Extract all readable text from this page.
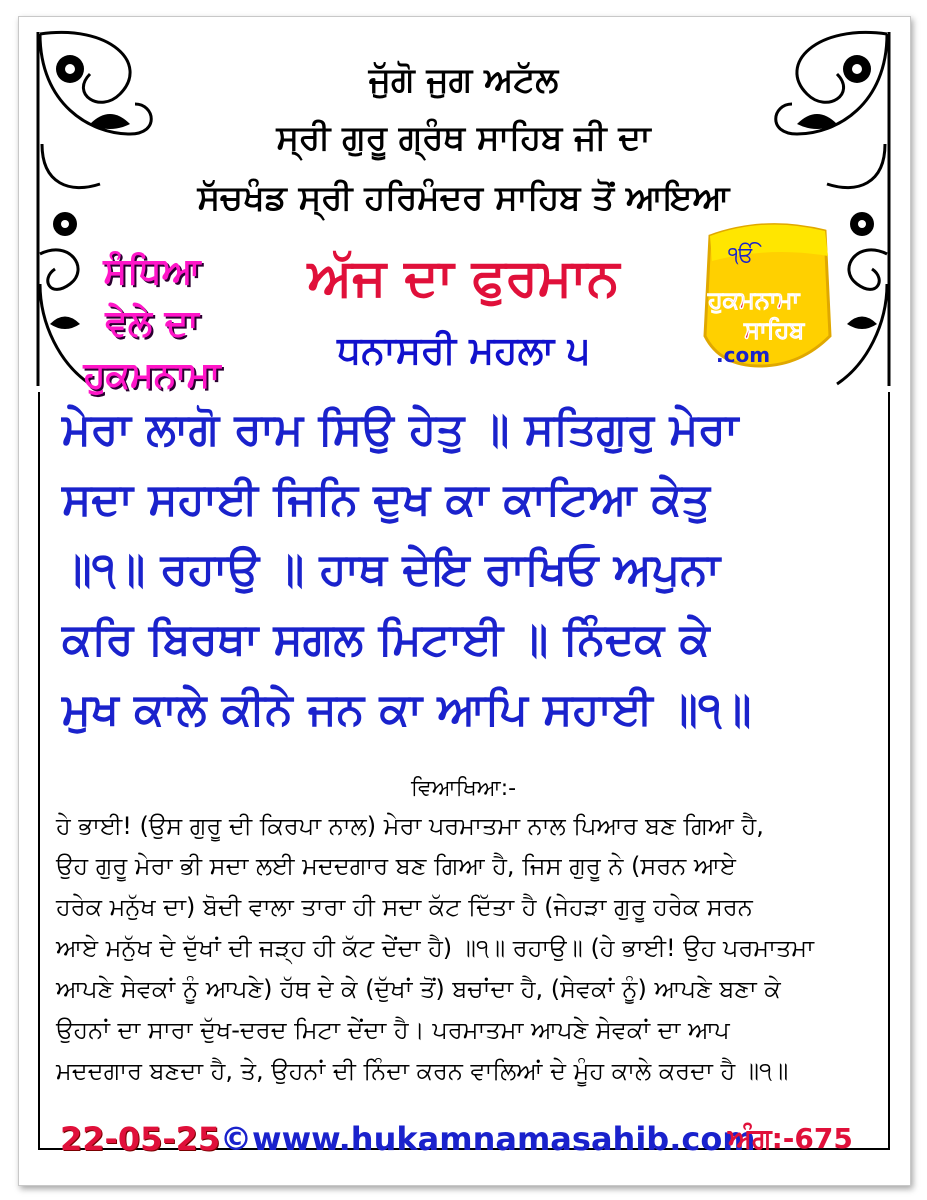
ਜੁੱਗੋ ਜੁਗ ਅਟੱਲ
ਸ੍ਰੀ ਗੁਰੂ ਗ੍ਰੰਥ ਸਾਹਿਬ ਜੀ ਦਾ
ਸੱਚਖੰਡ ਸ੍ਰੀ ਹਰਿਮੰਦਰ ਸਾਹਿਬ ਤੋਂ ਆਇਆ
ਸੰਧਿਆ
ਵੇਲੇ ਦਾ
ਹੁਕਮਨਾਮਾ
ਅੱਜ ਦਾ ਫੁਰਮਾਨ
ਧਨਾਸਰੀ ਮਹਲਾ ੫
ੴ
ਹੁਕਮਨਾਮਾ
ਸਾਹਿਬ
.com
ਮੇਰਾ ਲਾਗੋ ਰਾਮ ਸਿਉ ਹੇਤੁ ॥ ਸਤਿਗੁਰੁ ਮੇਰਾ
ਸਦਾ ਸਹਾਈ ਜਿਨਿ ਦੁਖ ਕਾ ਕਾਟਿਆ ਕੇਤੁ
॥੧॥ ਰਹਾਉ ॥ ਹਾਥ ਦੇਇ ਰਾਖਿਓ ਅਪੁਨਾ
ਕਰਿ ਬਿਰਥਾ ਸਗਲ ਮਿਟਾਈ ॥ ਨਿੰਦਕ ਕੇ
ਮੁਖ ਕਾਲੇ ਕੀਨੇ ਜਨ ਕਾ ਆਪਿ ਸਹਾਈ ॥੧॥
ਵਿਆਖਿਆ:-
ਹੇ ਭਾਈ! (ਉਸ ਗੁਰੂ ਦੀ ਕਿਰਪਾ ਨਾਲ) ਮੇਰਾ ਪਰਮਾਤਮਾ ਨਾਲ ਪਿਆਰ ਬਣ ਗਿਆ ਹੈ,
ਉਹ ਗੁਰੂ ਮੇਰਾ ਭੀ ਸਦਾ ਲਈ ਮਦਦਗਾਰ ਬਣ ਗਿਆ ਹੈ, ਜਿਸ ਗੁਰੂ ਨੇ (ਸਰਨ ਆਏ
ਹਰੇਕ ਮਨੁੱਖ ਦਾ) ਬੋਦੀ ਵਾਲਾ ਤਾਰਾ ਹੀ ਸਦਾ ਕੱਟ ਦਿੱਤਾ ਹੈ (ਜੇਹੜਾ ਗੁਰੂ ਹਰੇਕ ਸਰਨ
ਆਏ ਮਨੁੱਖ ਦੇ ਦੁੱਖਾਂ ਦੀ ਜੜ੍ਹ ਹੀ ਕੱਟ ਦੇਂਦਾ ਹੈ) ॥੧॥ ਰਹਾਉ॥ (ਹੇ ਭਾਈ! ਉਹ ਪਰਮਾਤਮਾ
ਆਪਣੇ ਸੇਵਕਾਂ ਨੂੰ ਆਪਣੇ) ਹੱਥ ਦੇ ਕੇ (ਦੁੱਖਾਂ ਤੋਂ) ਬਚਾਂਦਾ ਹੈ, (ਸੇਵਕਾਂ ਨੂੰ) ਆਪਣੇ ਬਣਾ ਕੇ
ਉਹਨਾਂ ਦਾ ਸਾਰਾ ਦੁੱਖ-ਦਰਦ ਮਿਟਾ ਦੇਂਦਾ ਹੈ। ਪਰਮਾਤਮਾ ਆਪਣੇ ਸੇਵਕਾਂ ਦਾ ਆਪ
ਮਦਦਗਾਰ ਬਣਦਾ ਹੈ, ਤੇ, ਉਹਨਾਂ ਦੀ ਨਿੰਦਾ ਕਰਨ ਵਾਲਿਆਂ ਦੇ ਮੂੰਹ ਕਾਲੇ ਕਰਦਾ ਹੈ ॥੧॥
22-05-25 ©www.hukamnamasahib.com
ਅੰਗ:-675
